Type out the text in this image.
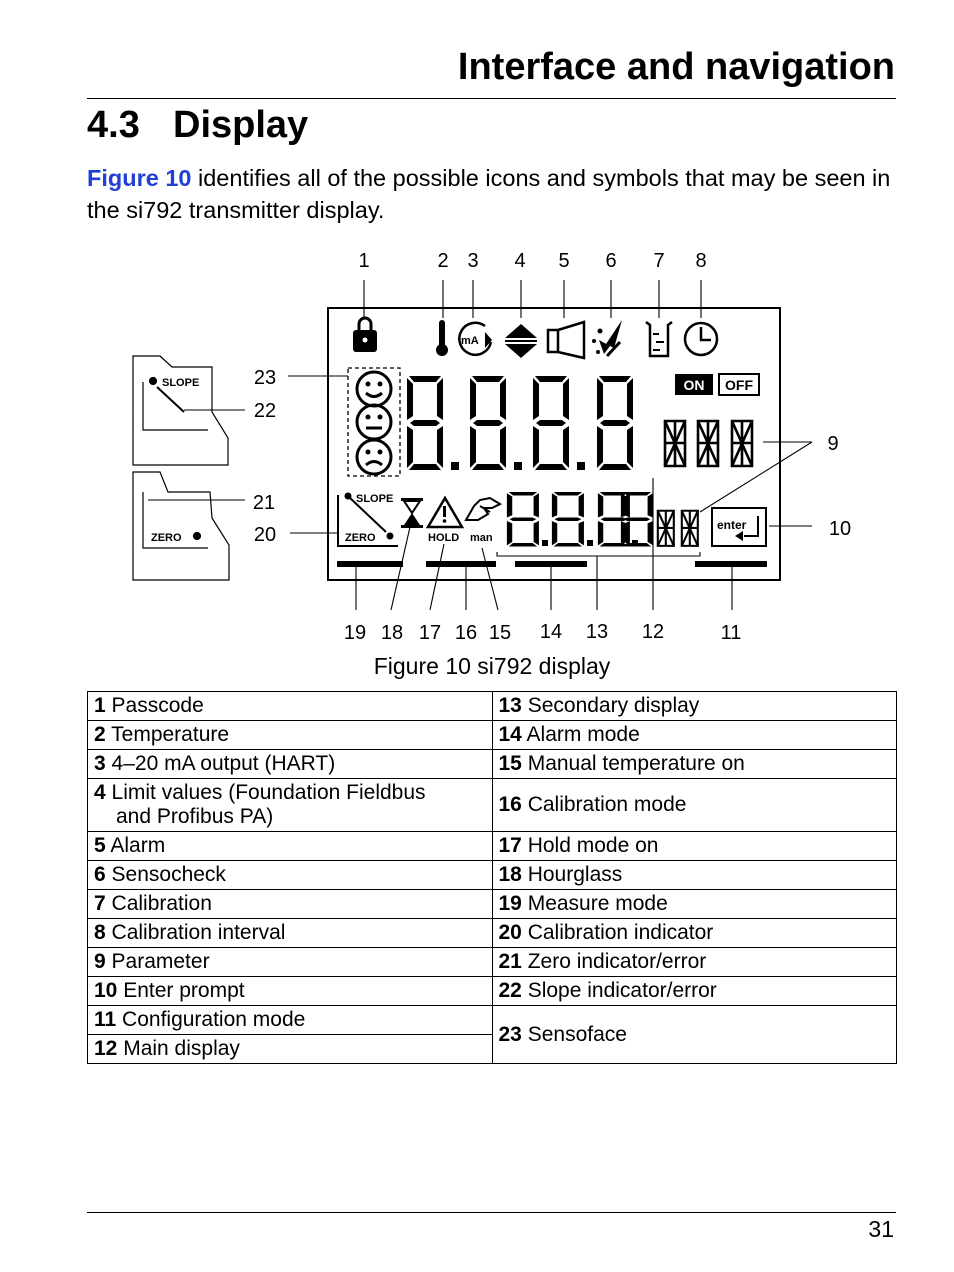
Interface and navigation
4.3 Display

Figure 10 identifies all of the possible icons and symbols that may be seen in the si792 transmitter display.

SLOPE
ZERO
mA
ON OFF
SLOPE
ZERO	HOLD man
enter
1	2 3 4 5 6 7 8
9
10
11
12
13
14
15
16
17
18
19
20
21
22
23
Figure 10 si792 display
1 Passcode	13 Secondary display
2 Temperature	14 Alarm mode
3 4–20 mA output (HART)	15 Manual temperature on
4 Limit values (Foundation Fieldbus
and Profibus PA)	16 Calibration mode
5 Alarm	17 Hold mode on
6 Sensocheck	18 Hourglass
7 Calibration	19 Measure mode
8 Calibration interval	20 Calibration indicator
9 Parameter	21 Zero indicator/error
10 Enter prompt	22 Slope indicator/error
11 Configuration mode	23 Sensoface
12 Main display	
31
